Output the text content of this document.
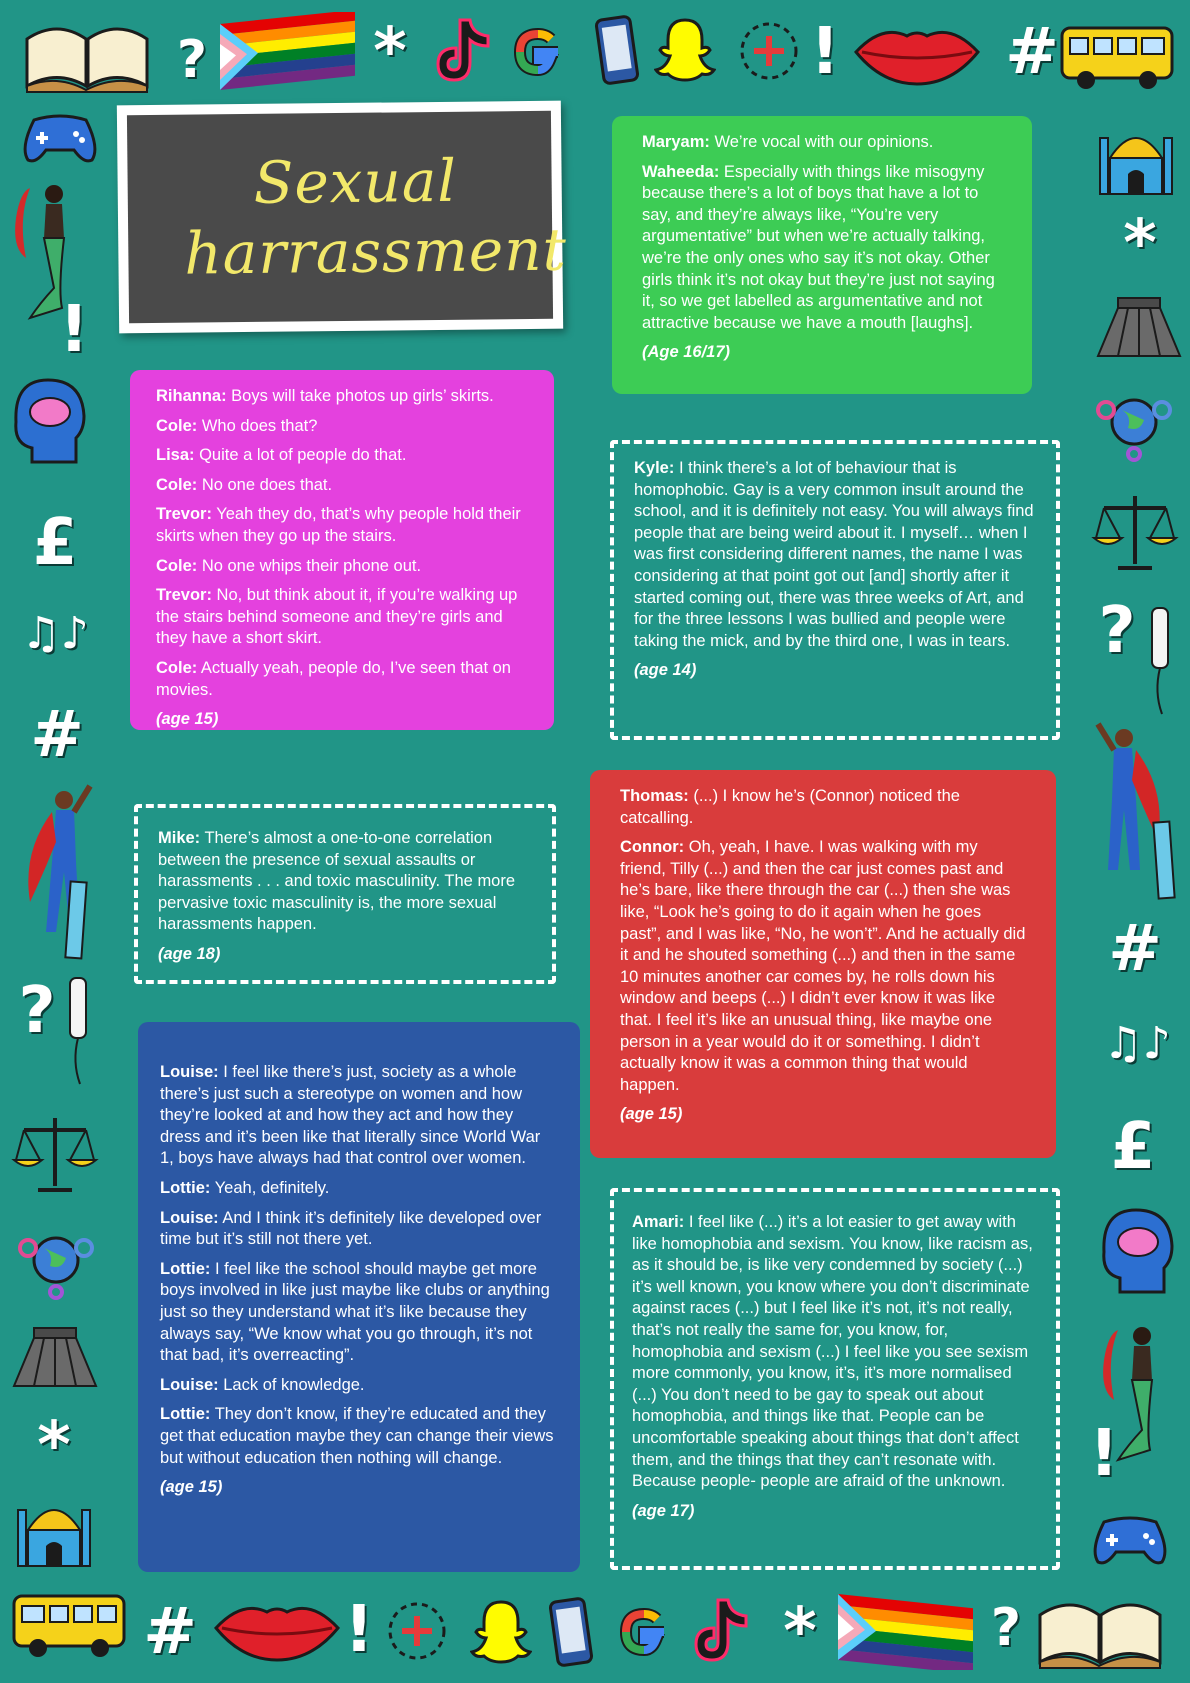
?	*	!	#
!
£
♫♪
#
?
*
*
?
#
♫♪
£
!
# !	*	?
Sexual
harrassment

Rihanna: Boys will take photos up girls’ skirts.

Cole: Who does that?

Lisa: Quite a lot of people do that.

Cole: No one does that.

Trevor: Yeah they do, that’s why people hold their skirts when they go up the stairs.

Cole: No one whips their phone out.

Trevor: No, but think about it, if you’re walking up the stairs behind someone and they’re girls and they have a short skirt.

Cole: Actually yeah, people do, I’ve seen that on movies.

(age 15)

Maryam: We’re vocal with our opinions.

Waheeda: Especially with things like misogyny because there’s a lot of boys that have a lot to say, and they’re always like, “You’re very argumentative” but when we’re actually talking, we’re the only ones who say it’s not okay. Other girls think it’s not okay but they’re just not saying it, so we get labelled as argumentative and not attractive because we have a mouth [laughs].

(Age 16/17)

Kyle: I think there’s a lot of behaviour that is homophobic. Gay is a very common insult around the school, and it is definitely not easy. You will always find people that are being weird about it. I myself… when I was first considering different names, the name I was considering at that point got out [and] shortly after it started coming out, there was three weeks of Art, and for the three lessons I was bullied and people were taking the mick, and by the third one, I was in tears.

(age 14)

Mike: There’s almost a one-to-one correlation between the presence of sexual assaults or harassments . . . and toxic masculinity. The more pervasive toxic masculinity is, the more sexual harassments happen.

(age 18)

Thomas: (...) I know he’s (Connor) noticed the catcalling.

Connor: Oh, yeah, I have. I was walking with my friend, Tilly (...) and then the car just comes past and he’s bare, like there through the car (...) then she was like, “Look he’s going to do it again when he goes past”, and I was like, “No, he won’t”. And he actually did it and he shouted something (...) and then in the same 10 minutes another car comes by, he rolls down his window and beeps (...) I didn’t ever know it was like that. I feel it’s like an unusual thing, like maybe one person in a year would do it or something. I didn’t actually know it was a common thing that would happen.

(age 15)

Louise: I feel like there’s just, society as a whole there’s just such a stereotype on women and how they’re looked at and how they act and how they dress and it’s been like that literally since World War 1, boys have always had that control over women.

Lottie: Yeah, definitely.

Louise: And I think it’s definitely like developed over time but it’s still not there yet.

Lottie: I feel like the school should maybe get more boys involved in like just maybe like clubs or anything just so they understand what it’s like because they always say, “We know what you go through, it’s not that bad, it’s overreacting”.

Louise: Lack of knowledge.

Lottie: They don’t know, if they’re educated and they get that education maybe they can change their views but without education then nothing will change.

(age 15)

Amari: I feel like (...) it’s a lot easier to get away with like homophobia and sexism. You know, like racism as, as it should be, is like very condemned by society (...) it’s well known, you know where you don’t discriminate against races (...) but I feel like it’s not, it’s not really, that’s not really the same for, you know, for, homophobia and sexism (...) I feel like you see sexism more commonly, you know, it’s, it’s more normalised (...) You don’t need to be gay to speak out about homophobia, and things like that. People can be uncomfortable speaking about things that don’t affect them, and the things that they can’t resonate with. Because people- people are afraid of the unknown.

(age 17)
